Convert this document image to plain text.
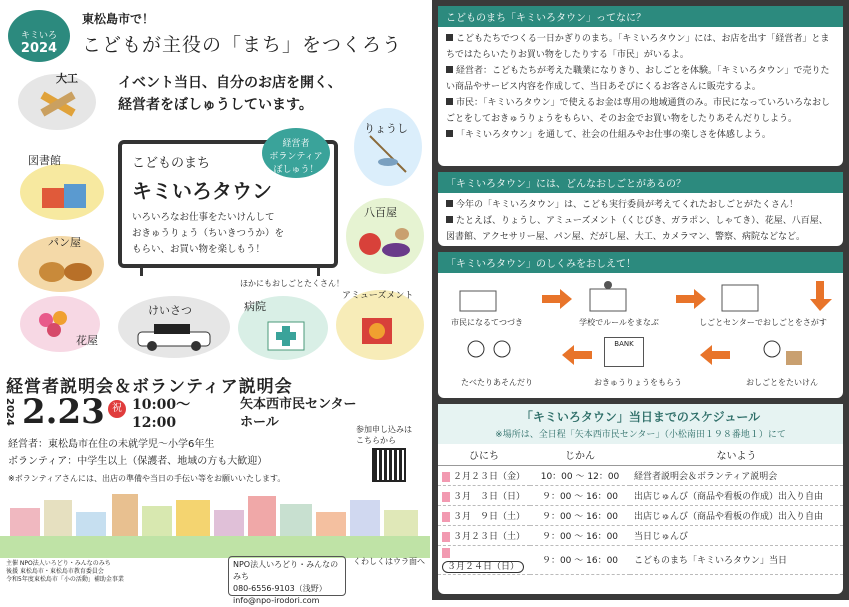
キミいろ
2024
東松島市で！
こどもが主役の「まち」をつくろう
イベント当日、自分のお店を開く、
経営者をぼしゅうしています。
大工
図書館
パン屋
花屋
けいさつ	病院
アミューズメント
りょうし
八百屋
こどものまち
キミいろタウン
いろいろなお仕事をたいけんして
おきゅうりょう（ちいきつうか）を
もらい、お買い物を楽しもう！
経営者
ボランティア
ぼしゅう！
ほかにもおしごとたくさん！
経営者説明会＆ボランティア説明会
2024 2.23 祝 10:00〜
12:00
矢本西市民センター
ホール	参加申し込みは
こちらから
経営者：東松島市在住の未就学児〜小学6年生
ボランティア：中学生以上（保護者、地域の方も大歓迎）
※ボランティアさんには、出店の準備や当日の手伝い等をお願いいたします。
主催 NPO法人いろどり・みんなのみち
後援 東松島市・東松島市教育委員会
令和5年度東松島市「小の活動」補助金事業
NPO法人いろどり・みんなのみち
080-6556-9103（浅野）
info@npo-irodori.com
くわしくはウラ面へ
こどものまち「キミいろタウン」ってなに？
こどもたちでつくる一日かぎりのまち。「キミいろタウン」には、お店を出す「経営者」とまちではたらいたりお買い物をしたりする「市民」がいるよ。
経営者：こどもたちが考えた職業になりきり、おしごとを体験。「キミいろタウン」で売りたい商品やサービス内容を作成して、当日あそびにくるお客さんに販売するよ。
市民：「キミいろタウン」で使えるお金は専用の地域通貨のみ。市民になっていろいろなおしごとをしておきゅうりょうをもらい、そのお金でお買い物をしたりあそんだりしよう。
「キミいろタウン」を通して、社会の仕組みやお仕事の楽しさを体感しよう。
「キミいろタウン」には、どんなおしごとがあるの？
今年の「キミいろタウン」は、こども実行委員が考えてくれたおしごとがたくさん！
たとえば、りょうし、アミューズメント（くじびき、ガラポン、しゃてき）、花屋、八百屋、図書館、アクセサリー屋、パン屋、だがし屋、大工、カメラマン、警察、病院などなど。
「キミいろタウン」のしくみをおしえて！
市民になるてつづき	学校でルールをまなぶ	しごとセンターでおしごとをさがす
たべたりあそんだり
BANK
おきゅうりょうをもらう	おしごとをたいけん
「キミいろタウン」当日までのスケジュール
※場所は、全日程「矢本西市民センター」（小松南田１９８番地１）にて
ひにち	じかん	ないよう
２月２３日（金）	10：00 ～ 12：00	経営者説明会＆ボランティア説明会
３月　３日（日）	９：00 ～ 16：00	出店じゅんび（商品や看板の作成）出入り自由
３月　９日（土）	９：00 ～ 16：00	出店じゅんび（商品や看板の作成）出入り自由
３月２３日（土）	９：00 ～ 16：00	当日じゅんび
３月２４日（日）	９：00 ～ 16：00	こどものまち「キミいろタウン」当日
